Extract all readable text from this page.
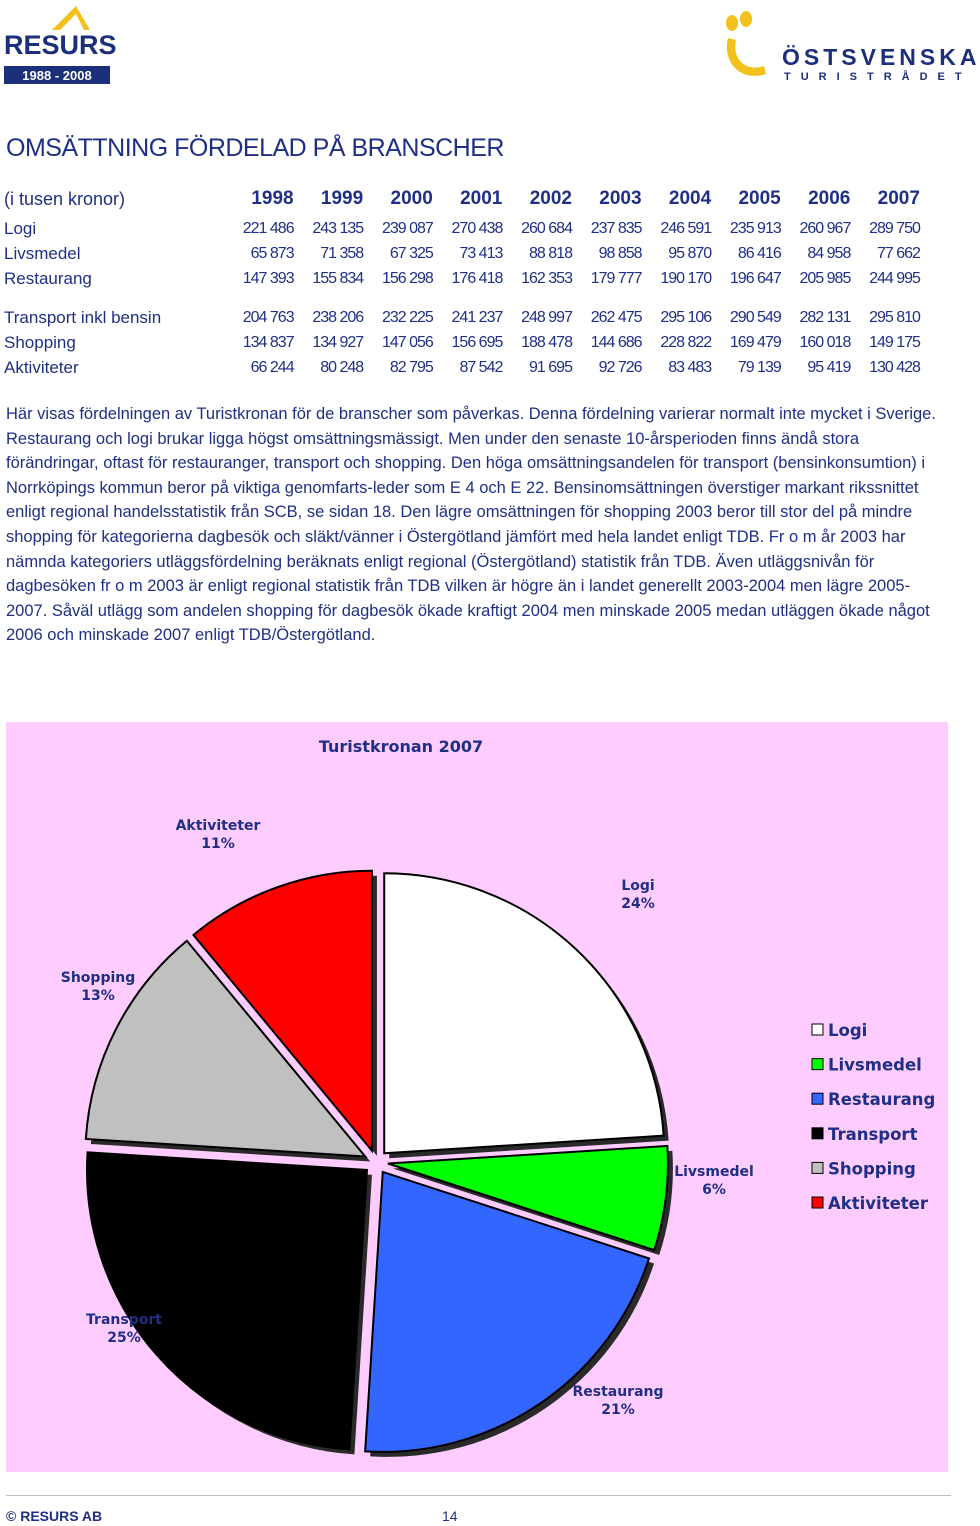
RESURS
1988 - 2008
ÖSTSVENSKA
TURISTRÅDET
OMSÄTTNING FÖRDELAD PÅ BRANSCHER
(i tusen kronor)	1998	1999	2000	2001	2002	2003	2004	2005	2006	2007
Logi	221 486	243 135	239 087	270 438	260 684	237 835	246 591	235 913	260 967	289 750
Livsmedel	65 873	71 358	67 325	73 413	88 818	98 858	95 870	86 416	84 958	77 662
Restaurang	147 393	155 834	156 298	176 418	162 353	179 777	190 170	196 647	205 985	244 995

Transport inkl bensin	204 763	238 206	232 225	241 237	248 997	262 475	295 106	290 549	282 131	295 810
Shopping	134 837	134 927	147 056	156 695	188 478	144 686	228 822	169 479	160 018	149 175
Aktiviteter	66 244	80 248	82 795	87 542	91 695	92 726	83 483	79 139	95 419	130 428

Här visas fördelningen av Turistkronan för de branscher som påverkas. Denna fördelning varierar normalt inte mycket i Sverige. Restaurang och logi brukar ligga högst omsättningsmässigt. Men under den senaste 10-årsperioden finns ändå stora förändringar, oftast för restauranger, transport och shopping. Den höga omsättningsandelen för transport (bensinkonsumtion) i Norrköpings kommun beror på viktiga genomfarts-leder som E 4 och E 22. Bensinomsättningen överstiger markant rikssnittet enligt regional handelsstatistik från SCB, se sidan 18. Den lägre omsättningen för shopping 2003 beror till stor del på mindre shopping för kategorierna dagbesök och släkt/vänner i Östergötland jämfört med hela landet enligt TDB. Fr o m år 2003 har nämnda kategoriers utläggsfördelning beräknats enligt regional (Östergötland) statistik från TDB. Även utläggsnivån för dagbesöken fr o m 2003 är enligt regional statistik från TDB vilken är högre än i landet generellt 2003-2004 men lägre 2005-2007. Såväl utlägg som andelen shopping för dagbesök ökade kraftigt 2004 men minskade 2005 medan utläggen ökade något 2006 och minskade 2007 enligt TDB/Östergötland.

Turistkronan 2007
Logi
24%
Livsmedel
6%
Restaurang
21%
Transport
25%
Shopping
13%
Aktiviteter
11%
Logi
Livsmedel
Restaurang
Transport
Shopping
Aktiviteter
© RESURS AB	14
